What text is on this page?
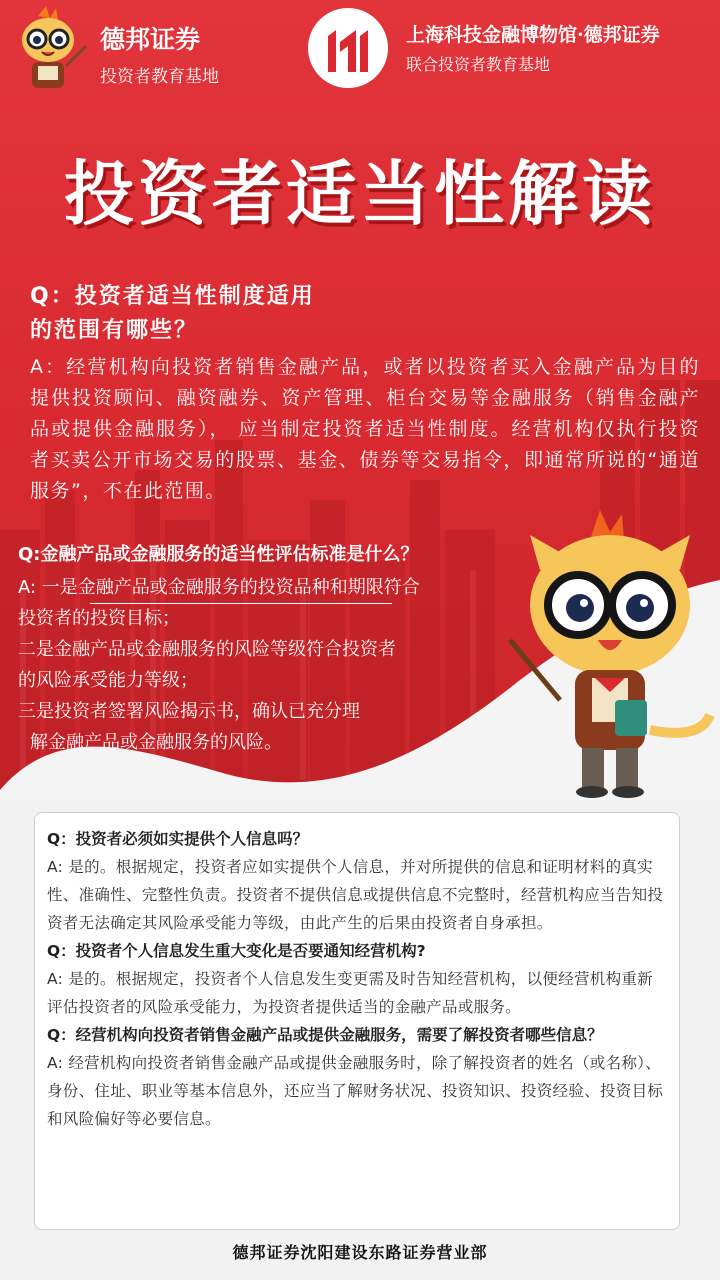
德邦证券
投资者教育基地
上海科技金融博物馆·德邦证券
联合投资者教育基地
投资者适当性解读
Q：投资者适当性制度适用
的范围有哪些？
A：经营机构向投资者销售金融产品，或者以投资者买入金融产品为目的提供投资顾问、融资融券、资产管理、柜台交易等金融服务（销售金融产品或提供金融服务）， 应当制定投资者适当性制度。经营机构仅执行投资者买卖公开市场交易的股票、基金、债券等交易指令，即通常所说的“通道服务”，不在此范围。
Q:金融产品或金融服务的适当性评估标准是什么？
A: 一是金融产品或金融服务的投资品种和期限符合
投资者的投资目标；
二是金融产品或金融服务的风险等级符合投资者
的风险承受能力等级；
三是投资者签署风险揭示书，确认已充分理
解金融产品或金融服务的风险。
Q：投资者必须如实提供个人信息吗？
A: 是的。根据规定，投资者应如实提供个人信息，并对所提供的信息和证明材料的真实性、准确性、完整性负责。投资者不提供信息或提供信息不完整时，经营机构应当告知投资者无法确定其风险承受能力等级，由此产生的后果由投资者自身承担。
Q：投资者个人信息发生重大变化是否要通知经营机构?
A: 是的。根据规定，投资者个人信息发生变更需及时告知经营机构，以便经营机构重新评估投资者的风险承受能力，为投资者提供适当的金融产品或服务。
Q：经营机构向投资者销售金融产品或提供金融服务，需要了解投资者哪些信息？
A: 经营机构向投资者销售金融产品或提供金融服务时，除了解投资者的姓名（或名称）、身份、住址、职业等基本信息外，还应当了解财务状况、投资知识、投资经验、投资目标和风险偏好等必要信息。
德邦证券沈阳建设东路证券营业部
